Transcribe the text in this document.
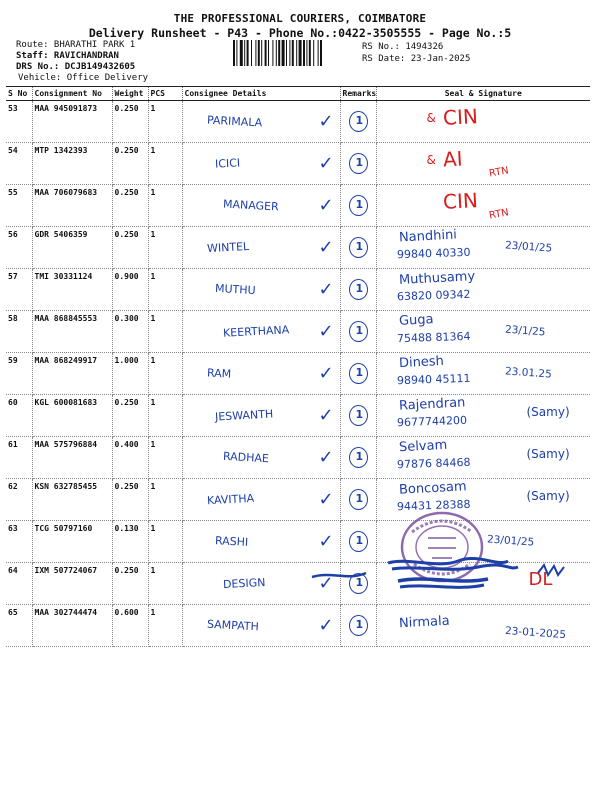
THE PROFESSIONAL COURIERS, COIMBATORE
Delivery Runsheet - P43 - Phone No.:0422-3505555 - Page No.:5
Route: BHARATHI PARK 1
Staff: RAVICHANDRAN
DRS No.: DCJB149432605
Vehicle: Office Delivery
RS No.: 1494326
RS Date: 23-Jan-2025
S No	Consignment No	Weight	PCS	Consignee Details	Remarks	Seal & Signature
53	MAA 945091873	0.250	1	PARIMALA ✓	1	& CIN

54	MTP 1342393	0.250	1	ICICI ✓	1	& AI
RTN

55	MAA 706079683	0.250	1	MANAGER ✓	1	CIN
RTN

56	GDR 5406359	0.250	1	WINTEL ✓	1	Nandhini
99840 40330 23/01/25

57	TMI 30331124	0.900	1	MUTHU ✓	1	Muthusamy
63820 09342

58	MAA 868845553	0.300	1	KEERTHANA ✓	1	Guga
75488 81364 23/1/25

59	MAA 868249917	1.000	1	RAM ✓	1	Dinesh
98940 45111 23.01.25

60	KGL 600081683	0.250	1	JESWANTH ✓	1	Rajendran
9677744200
(Samy)

61	MAA 575796884	0.400	1	RADHAE ✓	1	Selvam
97876 84468
(Samy)

62	KSN 632785455	0.250	1	KAVITHA ✓	1	Boncosam
94431 28388
(Samy)

63	TCG 50797160	0.130	1	RASHI ✓	1	23/01/25

64	IXM 507724067	0.250	1	DESIGN ✓	1	DL

65	MAA 302744474	0.600	1	SAMPATH ✓	1	Nirmala
23-01-2025
